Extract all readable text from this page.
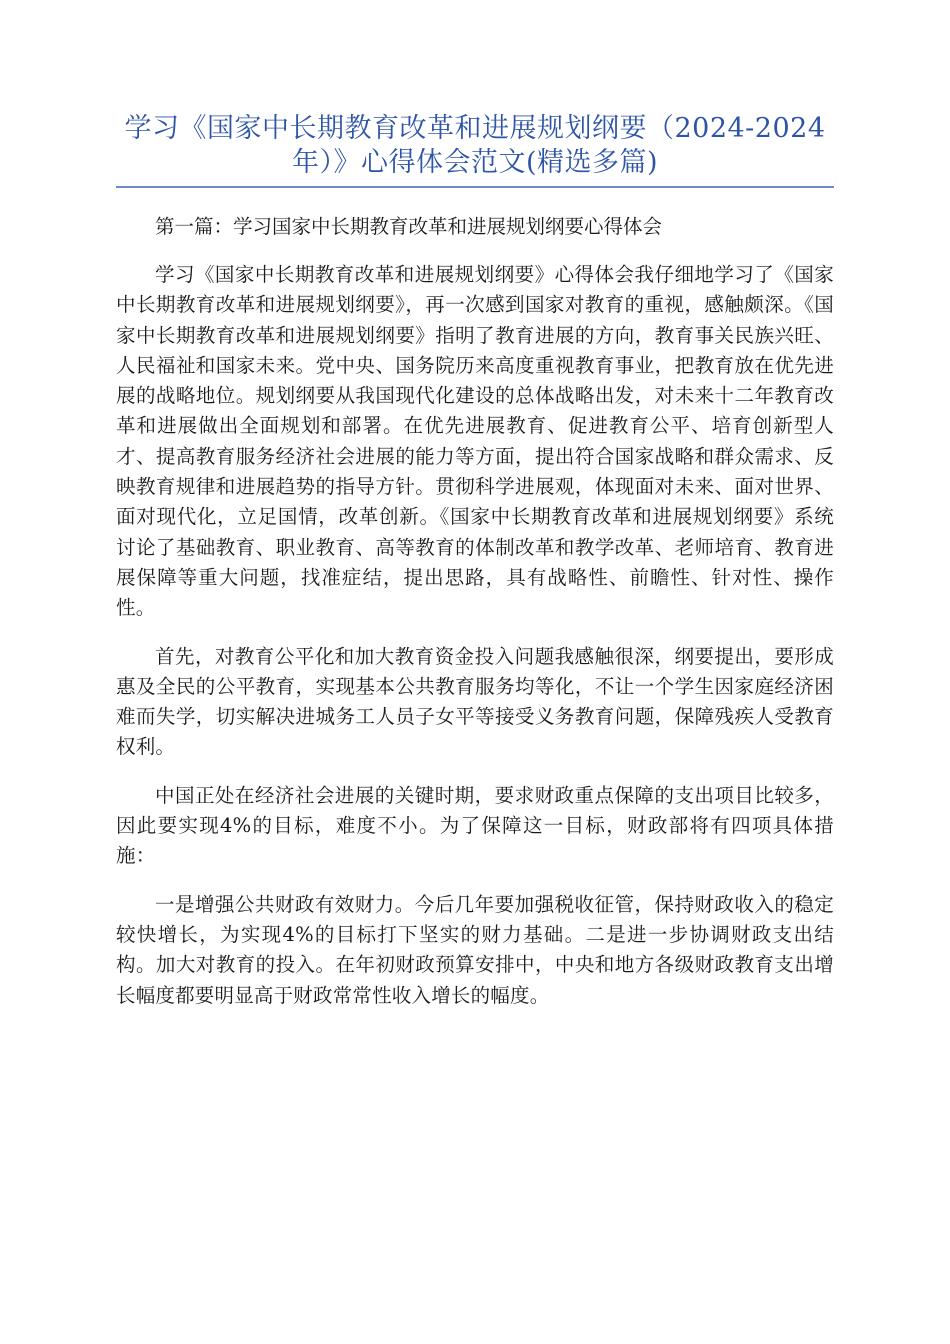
学习《国家中长期教育改革和进展规划纲要（2024-2024年）》心得体会范文(精选多篇)

第一篇：学习国家中长期教育改革和进展规划纲要心得体会

学习《国家中长期教育改革和进展规划纲要》心得体会我仔细地学习了《国家中长期教育改革和进展规划纲要》，再一次感到国家对教育的重视，感触颇深。《国家中长期教育改革和进展规划纲要》指明了教育进展的方向，教育事关民族兴旺、人民福祉和国家未来。党中央、国务院历来高度重视教育事业，把教育放在优先进展的战略地位。规划纲要从我国现代化建设的总体战略出发，对未来十二年教育改革和进展做出全面规划和部署。在优先进展教育、促进教育公平、培育创新型人才、提高教育服务经济社会进展的能力等方面，提出符合国家战略和群众需求、反映教育规律和进展趋势的指导方针。贯彻科学进展观，体现面对未来、面对世界、面对现代化，立足国情，改革创新。《国家中长期教育改革和进展规划纲要》系统讨论了基础教育、职业教育、高等教育的体制改革和教学改革、老师培育、教育进展保障等重大问题，找准症结，提出思路，具有战略性、前瞻性、针对性、操作性。

首先，对教育公平化和加大教育资金投入问题我感触很深，纲要提出，要形成惠及全民的公平教育，实现基本公共教育服务均等化，不让一个学生因家庭经济困难而失学，切实解决进城务工人员子女平等接受义务教育问题，保障残疾人受教育权利。

中国正处在经济社会进展的关键时期，要求财政重点保障的支出项目比较多，因此要实现4%的目标，难度不小。为了保障这一目标，财政部将有四项具体措施：

一是增强公共财政有效财力。今后几年要加强税收征管，保持财政收入的稳定较快增长，为实现4%的目标打下坚实的财力基础。二是进一步协调财政支出结构。加大对教育的投入。在年初财政预算安排中，中央和地方各级财政教育支出增长幅度都要明显高于财政常常性收入增长的幅度。
